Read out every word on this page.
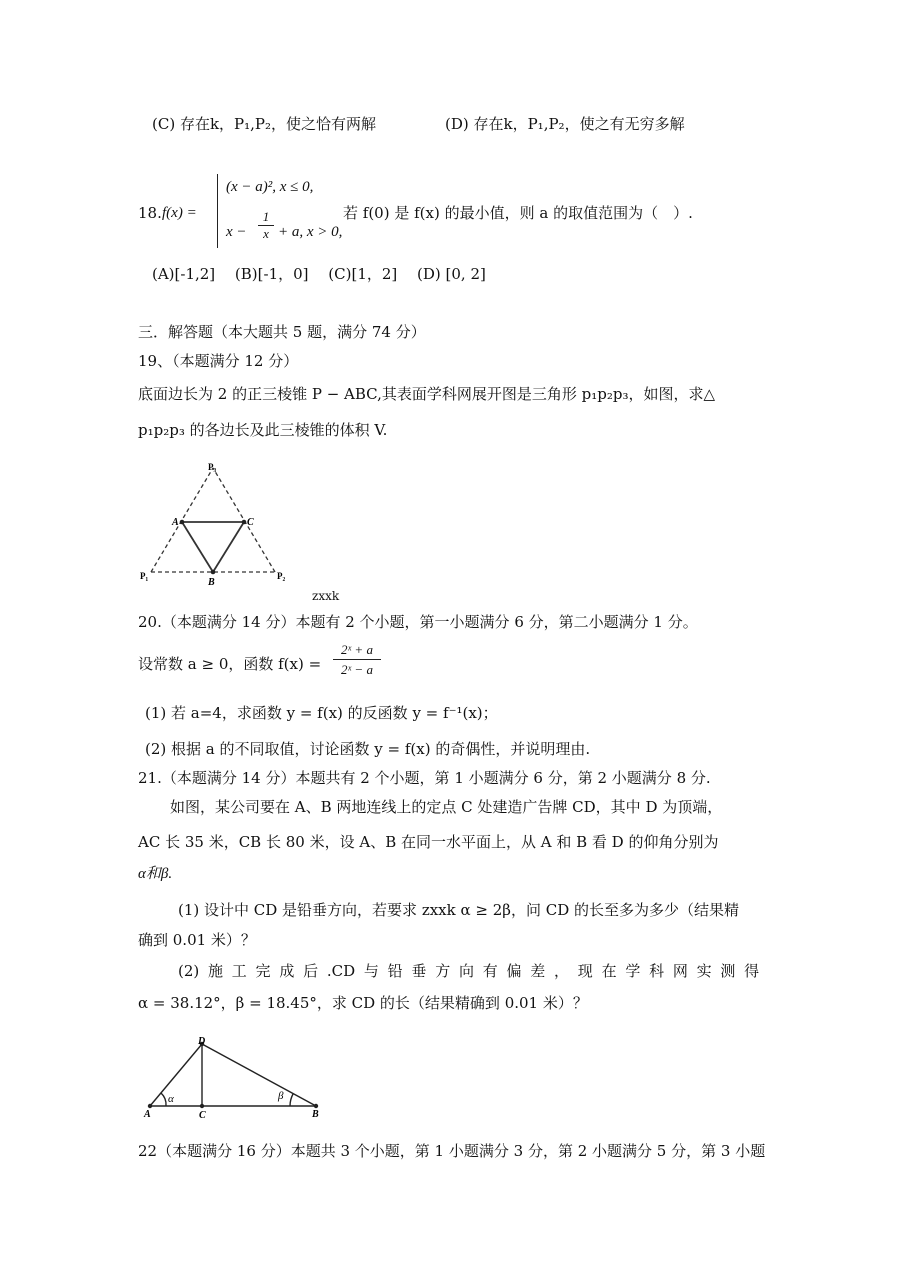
(C) 存在k，P₁,P₂，使之恰有两解	(D) 存在k，P₁,P₂，使之有无穷多解
18. f(x) =
(x − a)², x ≤ 0,
x −
1
x + a, x > 0,
若 f(0) 是 f(x) 的最小值，则 a 的取值范围为（　）.
(A)[-1,2]　 (B)[-1，0]　 (C)[1，2]　 (D) [0, 2]
三．解答题（本大题共 5 题，满分 74 分）
19、（本题满分 12 分）
底面边长为 2 的正三棱锥 P − ABC,其表面学科网展开图是三角形 p₁p₂p₃，如图，求△
p₁p₂p₃ 的各边长及此三棱锥的体积 V.
P₃
P₁	P₂
A	C
B
zxxk
20.（本题满分 14 分）本题有 2 个小题，第一小题满分 6 分，第二小题满分 1 分。
设常数 a ≥ 0，函数 f(x) =
2ˣ + a
2ˣ − a
(1) 若 a=4，求函数 y = f(x) 的反函数 y = f⁻¹(x)；
(2) 根据 a 的不同取值，讨论函数 y = f(x) 的奇偶性，并说明理由.
21.（本题满分 14 分）本题共有 2 个小题，第 1 小题满分 6 分，第 2 小题满分 8 分.
如图，某公司要在 A、B 两地连线上的定点 C 处建造广告牌 CD，其中 D 为顶端，
AC 长 35 米，CB 长 80 米，设 A、B 在同一水平面上，从 A 和 B 看 D 的仰角分别为
α和β.
(1) 设计中 CD 是铅垂方向，若要求 zxxk α ≥ 2β，问 CD 的长至多为多少（结果精
确到 0.01 米）？
(2) 施 工 完 成 后 .CD 与 铅 垂 方 向 有 偏 差 ， 现 在 学 科 网 实 测 得
α = 38.12°，β = 18.45°，求 CD 的长（结果精确到 0.01 米）？
D
A	C	B
α	β
22（本题满分 16 分）本题共 3 个小题，第 1 小题满分 3 分，第 2 小题满分 5 分，第 3 小题
